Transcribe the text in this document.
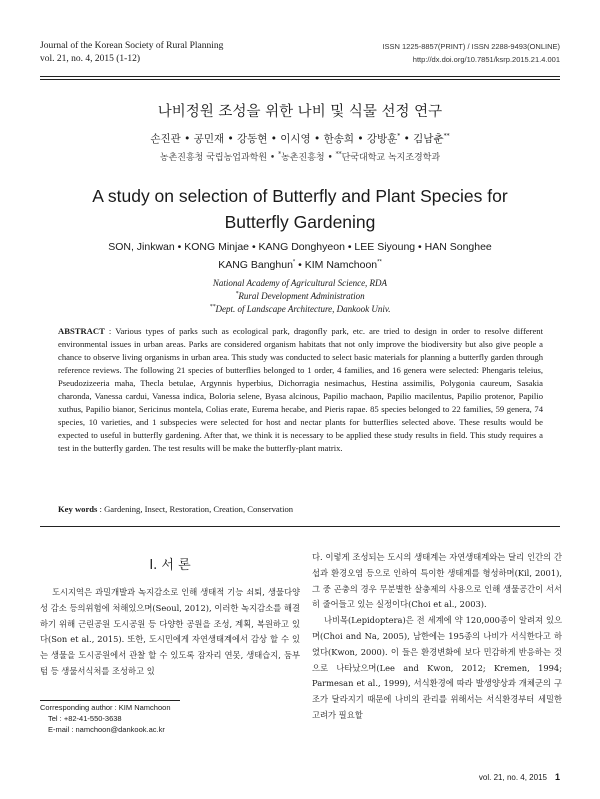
Journal of the Korean Society of Rural Planning
vol. 21, no. 4, 2015 (1-12)
ISSN 1225-8857(PRINT) / ISSN 2288-9493(ONLINE)
http://dx.doi.org/10.7851/ksrp.2015.21.4.001
나비정원 조성을 위한 나비 및 식물 선정 연구
손진관 • 공민재 • 강동현 • 이시영 • 한송희 • 강방훈* • 김남춘**
농촌진흥청 국립농업과학원 • *농촌진흥청 • **단국대학교 녹지조경학과
A study on selection of Butterfly and Plant Species for Butterfly Gardening
SON, Jinkwan • KONG Minjae • KANG Donghyeon • LEE Siyoung • HAN Songhee
KANG Banghun* • KIM Namchoon**
National Academy of Agricultural Science, RDA
*Rural Development Administration
**Dept. of Landscape Architecture, Dankook Univ.
ABSTRACT : Various types of parks such as ecological park, dragonfly park, etc. are tried to design in order to resolve different environmental issues in urban areas. Parks are considered organism habitats that not only improve the biodiversity but also give people a chance to observe living organisms in urban area. This study was conducted to select basic materials for planning a butterfly garden through reference reviews. The following 21 species of butterflies belonged to 1 order, 4 families, and 16 genera were selected: Phengaris teleius, Pseudozizeeria maha, Thecla betulae, Argynnis hyperbius, Dichorragia nesimachus, Hestina assimilis, Polygonia caureum, Sasakia charonda, Vanessa cardui, Vanessa indica, Boloria selene, Byasa alcinous, Papilio machaon, Papilio macilentus, Papilio protenor, Papilio xuthus, Papilio bianor, Sericinus montela, Colias erate, Eurema hecabe, and Pieris rapae. 85 species belonged to 22 families, 59 genera, 74 species, 10 varieties, and 1 subspecies were selected for host and nectar plants for butterflies selected above. These results would be expected to useful in butterfly gardening. After that, we think it is necessary to be applied these study results in field. This study requires a test in the butterfly garden. The test results will be make the butterfly-plant matrix.
Key words : Gardening, Insect, Restoration, Creation, Conservation
I. 서 론

도시지역은 과밀개발과 녹지감소로 인해 생태적 기능 쇠퇴, 생물다양성 감소 등의위험에 처해있으며(Seoul, 2012), 이러한 녹지감소를 해결하기 위해 근린공원 도시공원 등 다양한 공원을 조성, 계획, 복원하고 있다(Son et al., 2015). 또한, 도시민에게 자연생태계에서 감상 할 수 있는 생물을 도시공원에서 관찰 할 수 있도록 잠자리 연못, 생태습지, 둠부텀 등 생물서식처를 조성하고 있

다. 이렇게 조성되는 도시의 생태계는 자연생태계와는 달리 인간의 간섭과 환경오염 등으로 인하여 특이한 생태계를 형성하며(Kil, 2001), 그 중 곤충의 경우 무분별한 살충제의 사용으로 인해 생물공간이 서서히 줄어들고 있는 실정이다(Choi et al., 2003).

나비목(Lepidoptera)은 전 세계에 약 120,000종이 알려져 있으며(Choi and Na, 2005), 남한에는 195종의 나비가 서식한다고 하였다(Kwon, 2000). 이 들은 환경변화에 보다 민감하게 반응하는 것으로 나타났으며(Lee and Kwon, 2012; Kremen, 1994; Parmesan et al., 1999), 서식환경에 따라 발생양상과 개체군의 구조가 달라지기 때문에 나비의 관리를 위해서는 서식환경부터 세밀한 고려가 필요할

Corresponding author : KIM Namchoon
Tel : +82-41-550-3638
E-mail : namchoon@dankook.ac.kr
vol. 21, no. 4, 2015 1
